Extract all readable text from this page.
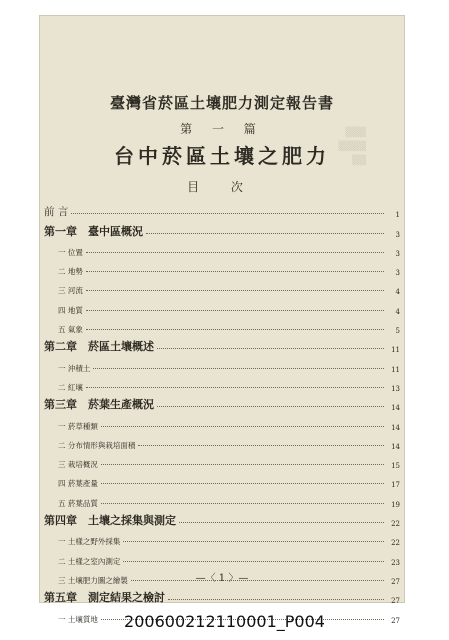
▒▒▒
▒▒▒▒
▒▒
臺灣省菸區土壤肥力測定報告書
第 一 篇
台中菸區土壤之肥力
目 次
前 言	1
第一章　臺中區概況	3
一 位置	3
二 地勢	3
三 河流	4
四 地質	4
五 氣象	5
第二章　菸區土壤概述	11
一 沖積土	11
二 紅壤	13
第三章　菸葉生產概況	14
一 菸草種類	14
二 分布情形與栽培面積	14
三 栽培概況	15
四 菸葉產量	17
五 菸葉品質	19
第四章　土壤之採集與測定	22
一 土樣之野外採集	22
二 土樣之室內測定	23
三 土壤肥力圖之繪製	27
第五章　測定結果之檢討	27
一 土壤質地	27
—〈 1 〉—
200600212110001_P004
